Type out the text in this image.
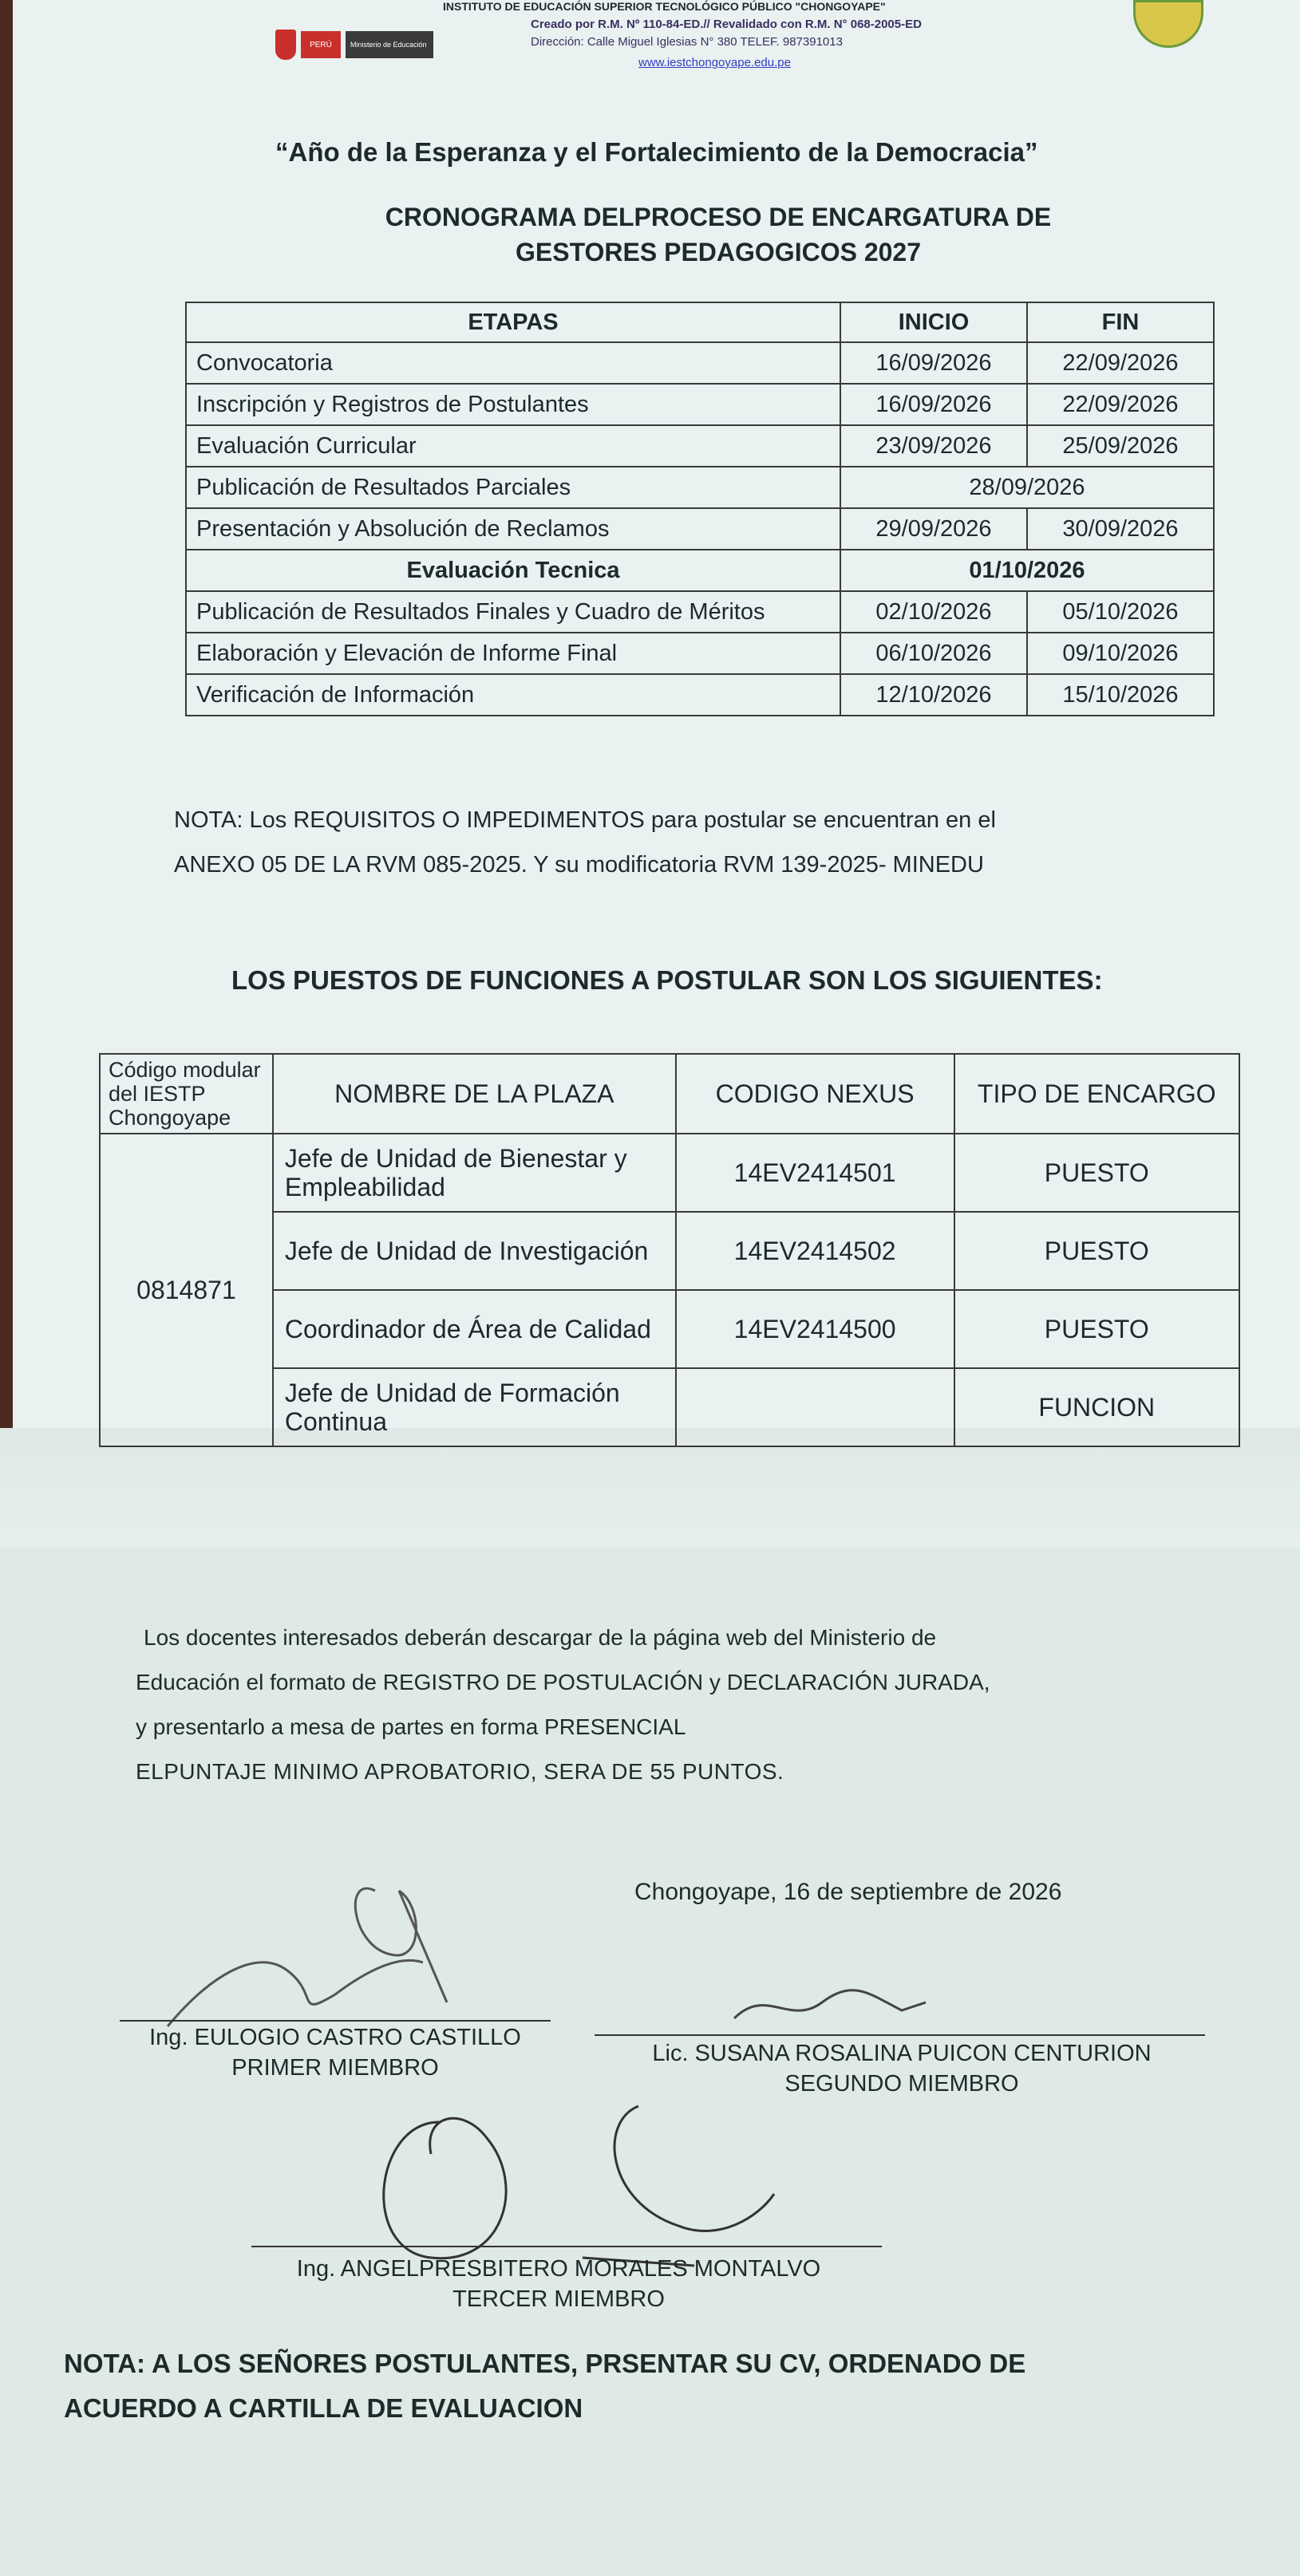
PERÚ	Ministerio de Educación
INSTITUTO DE EDUCACIÓN SUPERIOR TECNOLÓGICO PÚBLICO "CHONGOYAPE"
Creado por R.M. Nº 110-84-ED.// Revalidado con R.M. N° 068-2005-ED
Dirección: Calle Miguel Iglesias N° 380 TELEF. 987391013
www.iestchongoyape.edu.pe
“Año de la Esperanza y el Fortalecimiento de la Democracia”
CRONOGRAMA DELPROCESO DE ENCARGATURA DE
GESTORES PEDAGOGICOS 2027
ETAPAS	INICIO	FIN
Convocatoria	16/09/2026	22/09/2026
Inscripción y Registros de Postulantes	16/09/2026	22/09/2026
Evaluación Curricular	23/09/2026	25/09/2026
Publicación de Resultados Parciales	28/09/2026	
Presentación y Absolución de Reclamos	29/09/2026	30/09/2026
Evaluación Tecnica	01/10/2026	
Publicación de Resultados Finales y Cuadro de Méritos	02/10/2026	05/10/2026
Elaboración y Elevación de Informe Final	06/10/2026	09/10/2026
Verificación de Información	12/10/2026	15/10/2026
NOTA: Los REQUISITOS O IMPEDIMENTOS para postular se encuentran en el
ANEXO 05 DE LA RVM 085-2025. Y su modificatoria RVM 139-2025- MINEDU
LOS PUESTOS DE FUNCIONES A POSTULAR SON LOS SIGUIENTES:
Código modular del IESTP Chongoyape	NOMBRE DE LA PLAZA	CODIGO NEXUS	TIPO DE ENCARGO
0814871	Jefe de Unidad de Bienestar y Empleabilidad	14EV2414501	PUESTO
	Jefe de Unidad de Investigación	14EV2414502	PUESTO
	Coordinador de Área de Calidad	14EV2414500	PUESTO
	Jefe de Unidad de Formación Continua		FUNCION
Los docentes interesados deberán descargar de la página web del Ministerio de
Educación el formato de REGISTRO DE POSTULACIÓN y DECLARACIÓN JURADA,
y presentarlo a mesa de partes en forma PRESENCIAL
ELPUNTAJE MINIMO APROBATORIO, SERA DE 55 PUNTOS.
Chongoyape, 16 de septiembre de 2026
Ing. EULOGIO CASTRO CASTILLO
PRIMER MIEMBRO
Lic. SUSANA ROSALINA PUICON CENTURION
SEGUNDO MIEMBRO
Ing. ANGELPRESBITERO MORALES MONTALVO
TERCER MIEMBRO
NOTA: A LOS SEÑORES POSTULANTES, PRSENTAR SU CV, ORDENADO DE
ACUERDO A CARTILLA DE EVALUACION
